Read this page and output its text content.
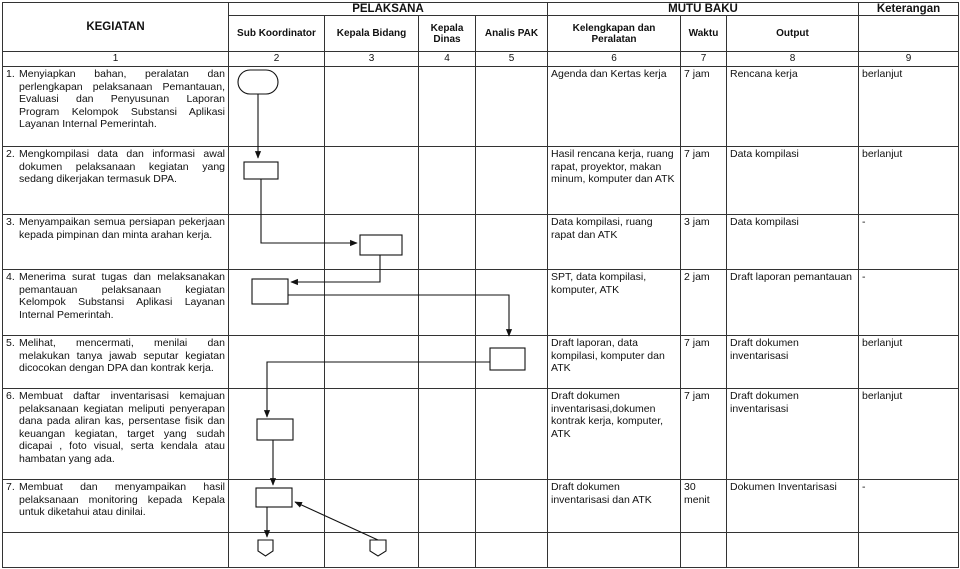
KEGIATAN	PELAKSANA				MUTU BAKU			Keterangan
	Sub Koordinator	Kepala Bidang	Kepala Dinas	Analis PAK	Kelengkapan dan Peralatan	Waktu	Output	
1	2	3	4	5	6	7	8	9

1. Menyiapkan bahan, peralatan dan perlengkapan pelaksanaan Pemantauan, Evaluasi dan Penyusunan Laporan Program Kelompok Substansi Aplikasi Layanan Internal Pemerintah.					Agenda dan Kertas kerja	7 jam	Rencana kerja	berlanjut

2. Mengkompilasi data dan informasi awal dokumen pelaksanaan kegiatan yang sedang dikerjakan termasuk DPA.					Hasil rencana kerja, ruang rapat, proyektor, makan minum, komputer dan ATK	7 jam	Data kompilasi	berlanjut

3. Menyampaikan semua persiapan pekerjaan kepada pimpinan dan minta arahan kerja.					Data kompilasi, ruang rapat dan ATK	3 jam	Data kompilasi	-

4. Menerima surat tugas dan melaksanakan pemantauan pelaksanaan kegiatan Kelompok Substansi Aplikasi Layanan Internal Pemerintah.					SPT, data kompilasi, komputer, ATK	2 jam	Draft laporan pemantauan	-

5. Melihat, mencermati, menilai dan melakukan tanya jawab seputar kegiatan dicocokan dengan DPA dan kontrak kerja.					Draft laporan, data kompilasi, komputer dan ATK	7 jam	Draft dokumen inventarisasi	berlanjut

6. Membuat daftar inventarisasi kemajuan pelaksanaan kegiatan meliputi penyerapan dana pada aliran kas, persentase fisik dan keuangan kegiatan, target yang sudah dicapai , foto visual, serta kendala atau hambatan yang ada.					Draft dokumen inventarisasi,dokumen kontrak kerja, komputer, ATK	7 jam	Draft dokumen inventarisasi	berlanjut

7. Membuat dan menyampaikan hasil pelaksanaan monitoring kepada Kepala untuk diketahui atau dinilai.					Draft dokumen inventarisasi dan ATK	30 menit	Dokumen Inventarisasi	-
